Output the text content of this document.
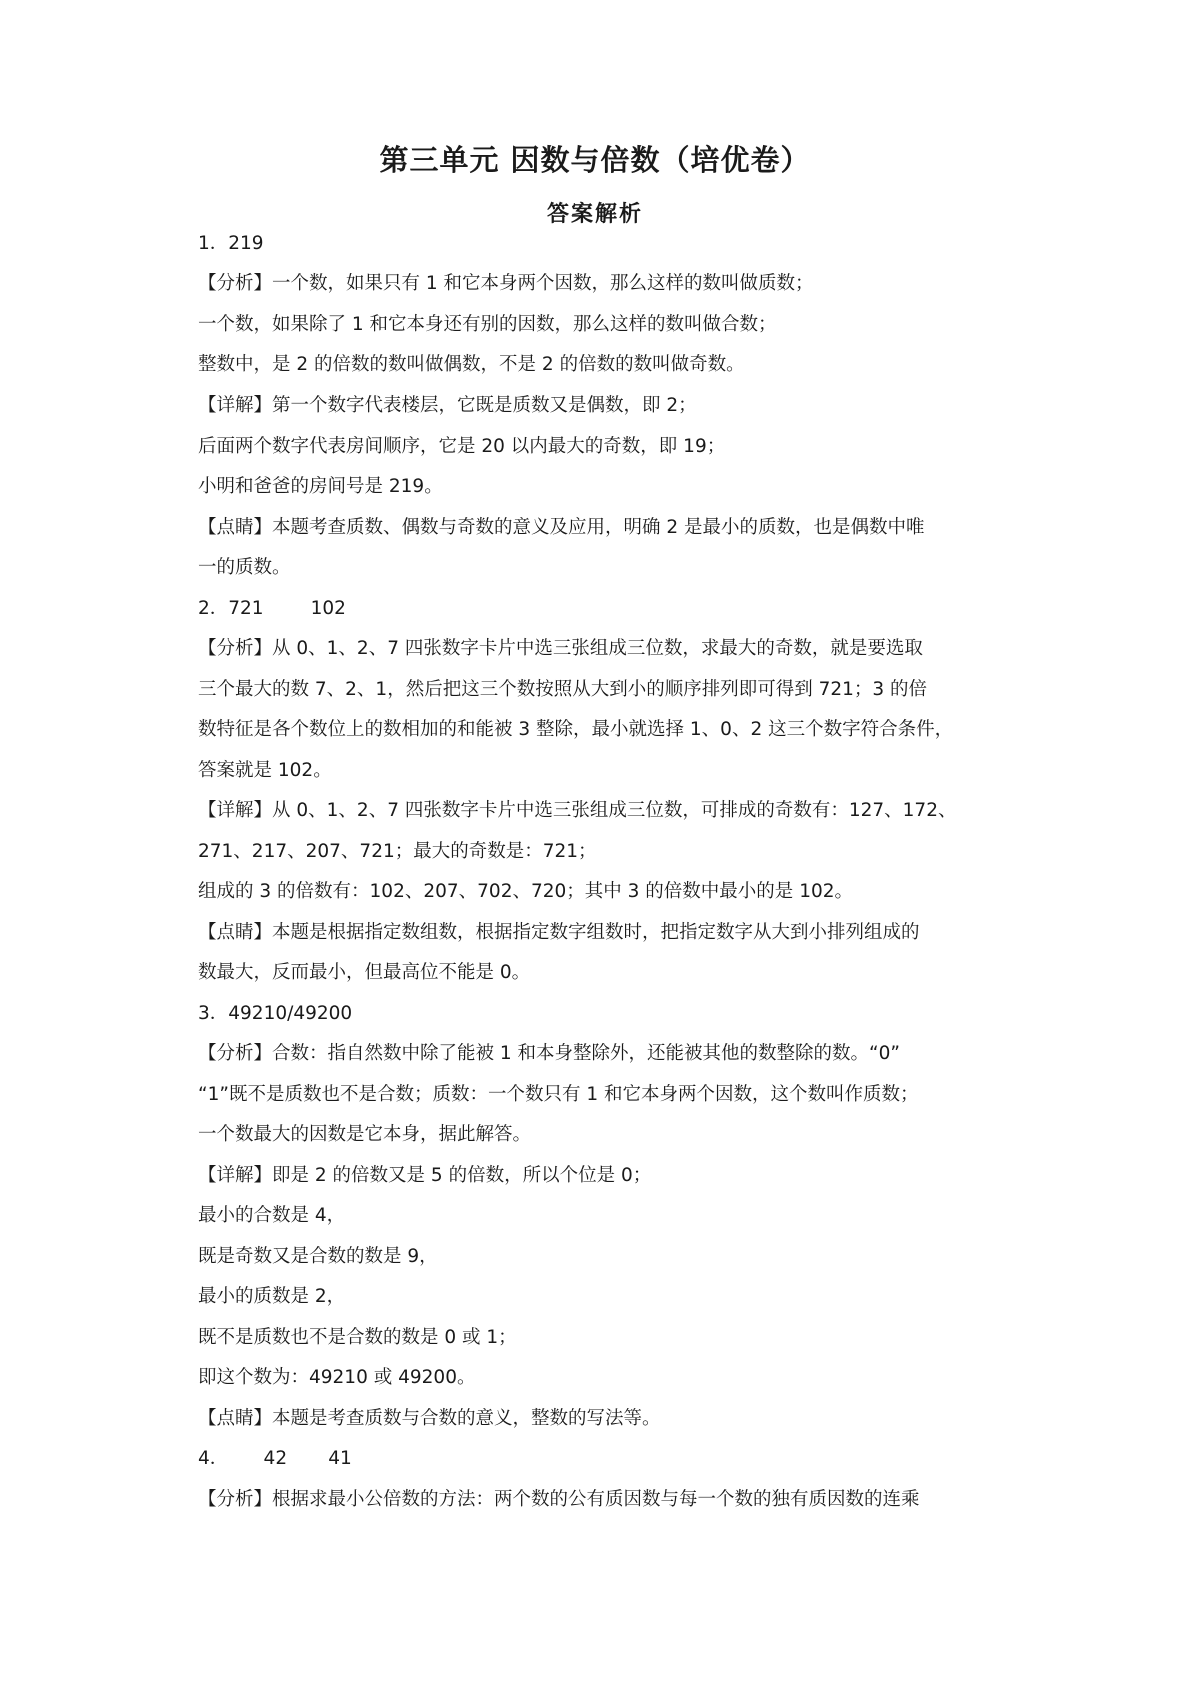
第三单元 因数与倍数（培优卷）
答案解析
1．219
【分析】一个数，如果只有 1 和它本身两个因数，那么这样的数叫做质数；
一个数，如果除了 1 和它本身还有别的因数，那么这样的数叫做合数；
整数中，是 2 的倍数的数叫做偶数，不是 2 的倍数的数叫做奇数。
【详解】第一个数字代表楼层，它既是质数又是偶数，即 2；
后面两个数字代表房间顺序，它是 20 以内最大的奇数，即 19；
小明和爸爸的房间号是 219。
【点睛】本题考查质数、偶数与奇数的意义及应用，明确 2 是最小的质数，也是偶数中唯
一的质数。
2．721        102
【分析】从 0、1、2、7 四张数字卡片中选三张组成三位数，求最大的奇数，就是要选取
三个最大的数 7、2、1，然后把这三个数按照从大到小的顺序排列即可得到 721；3 的倍
数特征是各个数位上的数相加的和能被 3 整除，最小就选择 1、0、2 这三个数字符合条件，
答案就是 102。
【详解】从 0、1、2、7 四张数字卡片中选三张组成三位数，可排成的奇数有：127、172、
271、217、207、721；最大的奇数是：721；
组成的 3 的倍数有：102、207、702、720；其中 3 的倍数中最小的是 102。
【点睛】本题是根据指定数组数，根据指定数字组数时，把指定数字从大到小排列组成的
数最大，反而最小，但最高位不能是 0。
3．49210/49200
【分析】合数：指自然数中除了能被 1 和本身整除外，还能被其他的数整除的数。“0”
“1”既不是质数也不是合数；质数：一个数只有 1 和它本身两个因数，这个数叫作质数；
一个数最大的因数是它本身，据此解答。
【详解】即是 2 的倍数又是 5 的倍数，所以个位是 0；
最小的合数是 4，
既是奇数又是合数的数是 9，
最小的质数是 2，
既不是质数也不是合数的数是 0 或 1；
即这个数为：49210 或 49200。
【点睛】本题是考查质数与合数的意义，整数的写法等。
4．      42       41
【分析】根据求最小公倍数的方法：两个数的公有质因数与每一个数的独有质因数的连乘
